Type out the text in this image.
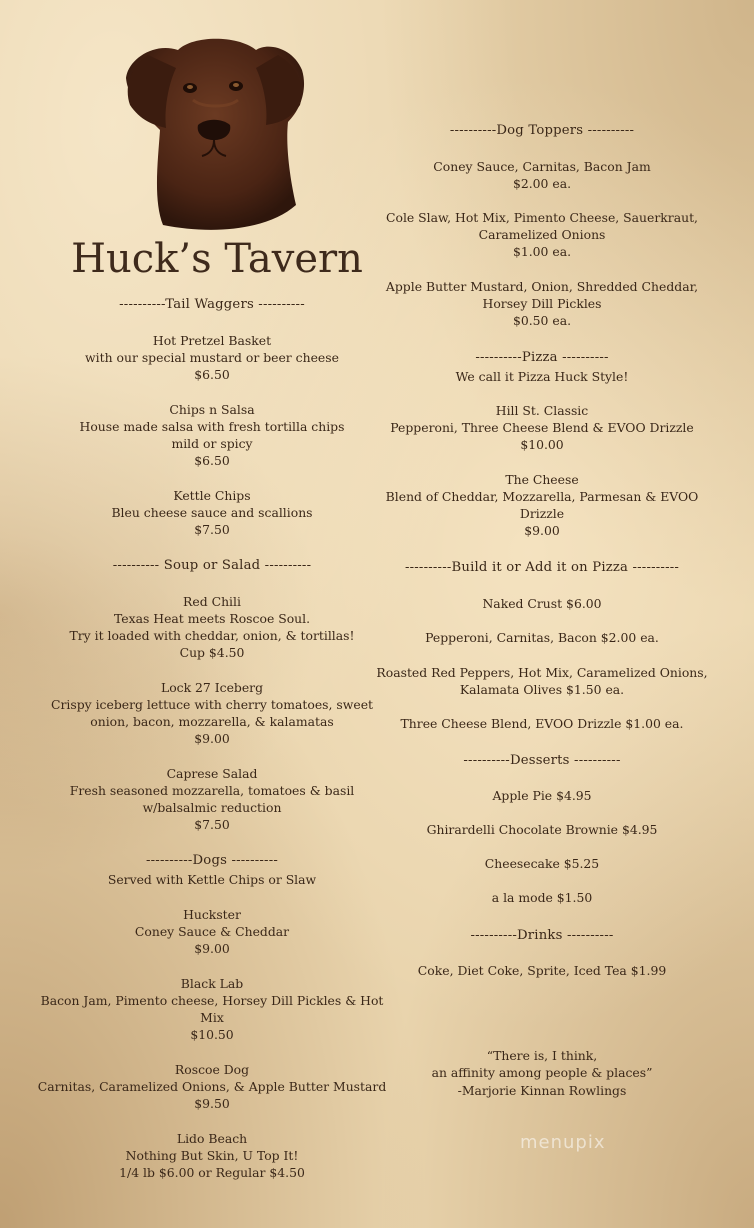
Huck’s Tavern
----------Tail Waggers ----------
Hot Pretzel Basket
with our special mustard or beer cheese
$6.50
Chips n Salsa
House made salsa with fresh tortilla chips
mild or spicy
$6.50
Kettle Chips
Bleu cheese sauce and scallions
$7.50
---------- Soup or Salad ----------
Red Chili
Texas Heat meets Roscoe Soul.
Try it loaded with cheddar, onion, & tortillas!
Cup $4.50
Lock 27 Iceberg
Crispy iceberg lettuce with cherry tomatoes, sweet
onion, bacon, mozzarella, & kalamatas
$9.00
Caprese Salad
Fresh seasoned mozzarella, tomatoes & basil
w/balsalmic reduction
$7.50
----------Dogs ----------
Served with Kettle Chips or Slaw
Huckster
Coney Sauce & Cheddar
$9.00
Black Lab
Bacon Jam, Pimento cheese, Horsey Dill Pickles & Hot
Mix
$10.50
Roscoe Dog
Carnitas, Caramelized Onions, & Apple Butter Mustard
$9.50
Lido Beach
Nothing But Skin, U Top It!
1/4 lb $6.00 or Regular $4.50
----------Dog Toppers ----------
Coney Sauce, Carnitas, Bacon Jam
$2.00 ea.
Cole Slaw, Hot Mix, Pimento Cheese, Sauerkraut,
Caramelized Onions
$1.00 ea.
Apple Butter Mustard, Onion, Shredded Cheddar,
Horsey Dill Pickles
$0.50 ea.
----------Pizza ----------
We call it Pizza Huck Style!
Hill St. Classic
Pepperoni, Three Cheese Blend & EVOO Drizzle
$10.00
The Cheese
Blend of Cheddar, Mozzarella, Parmesan & EVOO
Drizzle
$9.00
----------Build it or Add it on Pizza ----------
Naked Crust $6.00
Pepperoni, Carnitas, Bacon $2.00 ea.
Roasted Red Peppers, Hot Mix, Caramelized Onions,
Kalamata Olives $1.50 ea.
Three Cheese Blend, EVOO Drizzle $1.00 ea.
----------Desserts ----------
Apple Pie $4.95
Ghirardelli Chocolate Brownie $4.95
Cheesecake $5.25
a la mode $1.50
----------Drinks ----------
Coke, Diet Coke, Sprite, Iced Tea $1.99
“There is, I think,
an affinity among people & places”
-Marjorie Kinnan Rowlings
menupix
